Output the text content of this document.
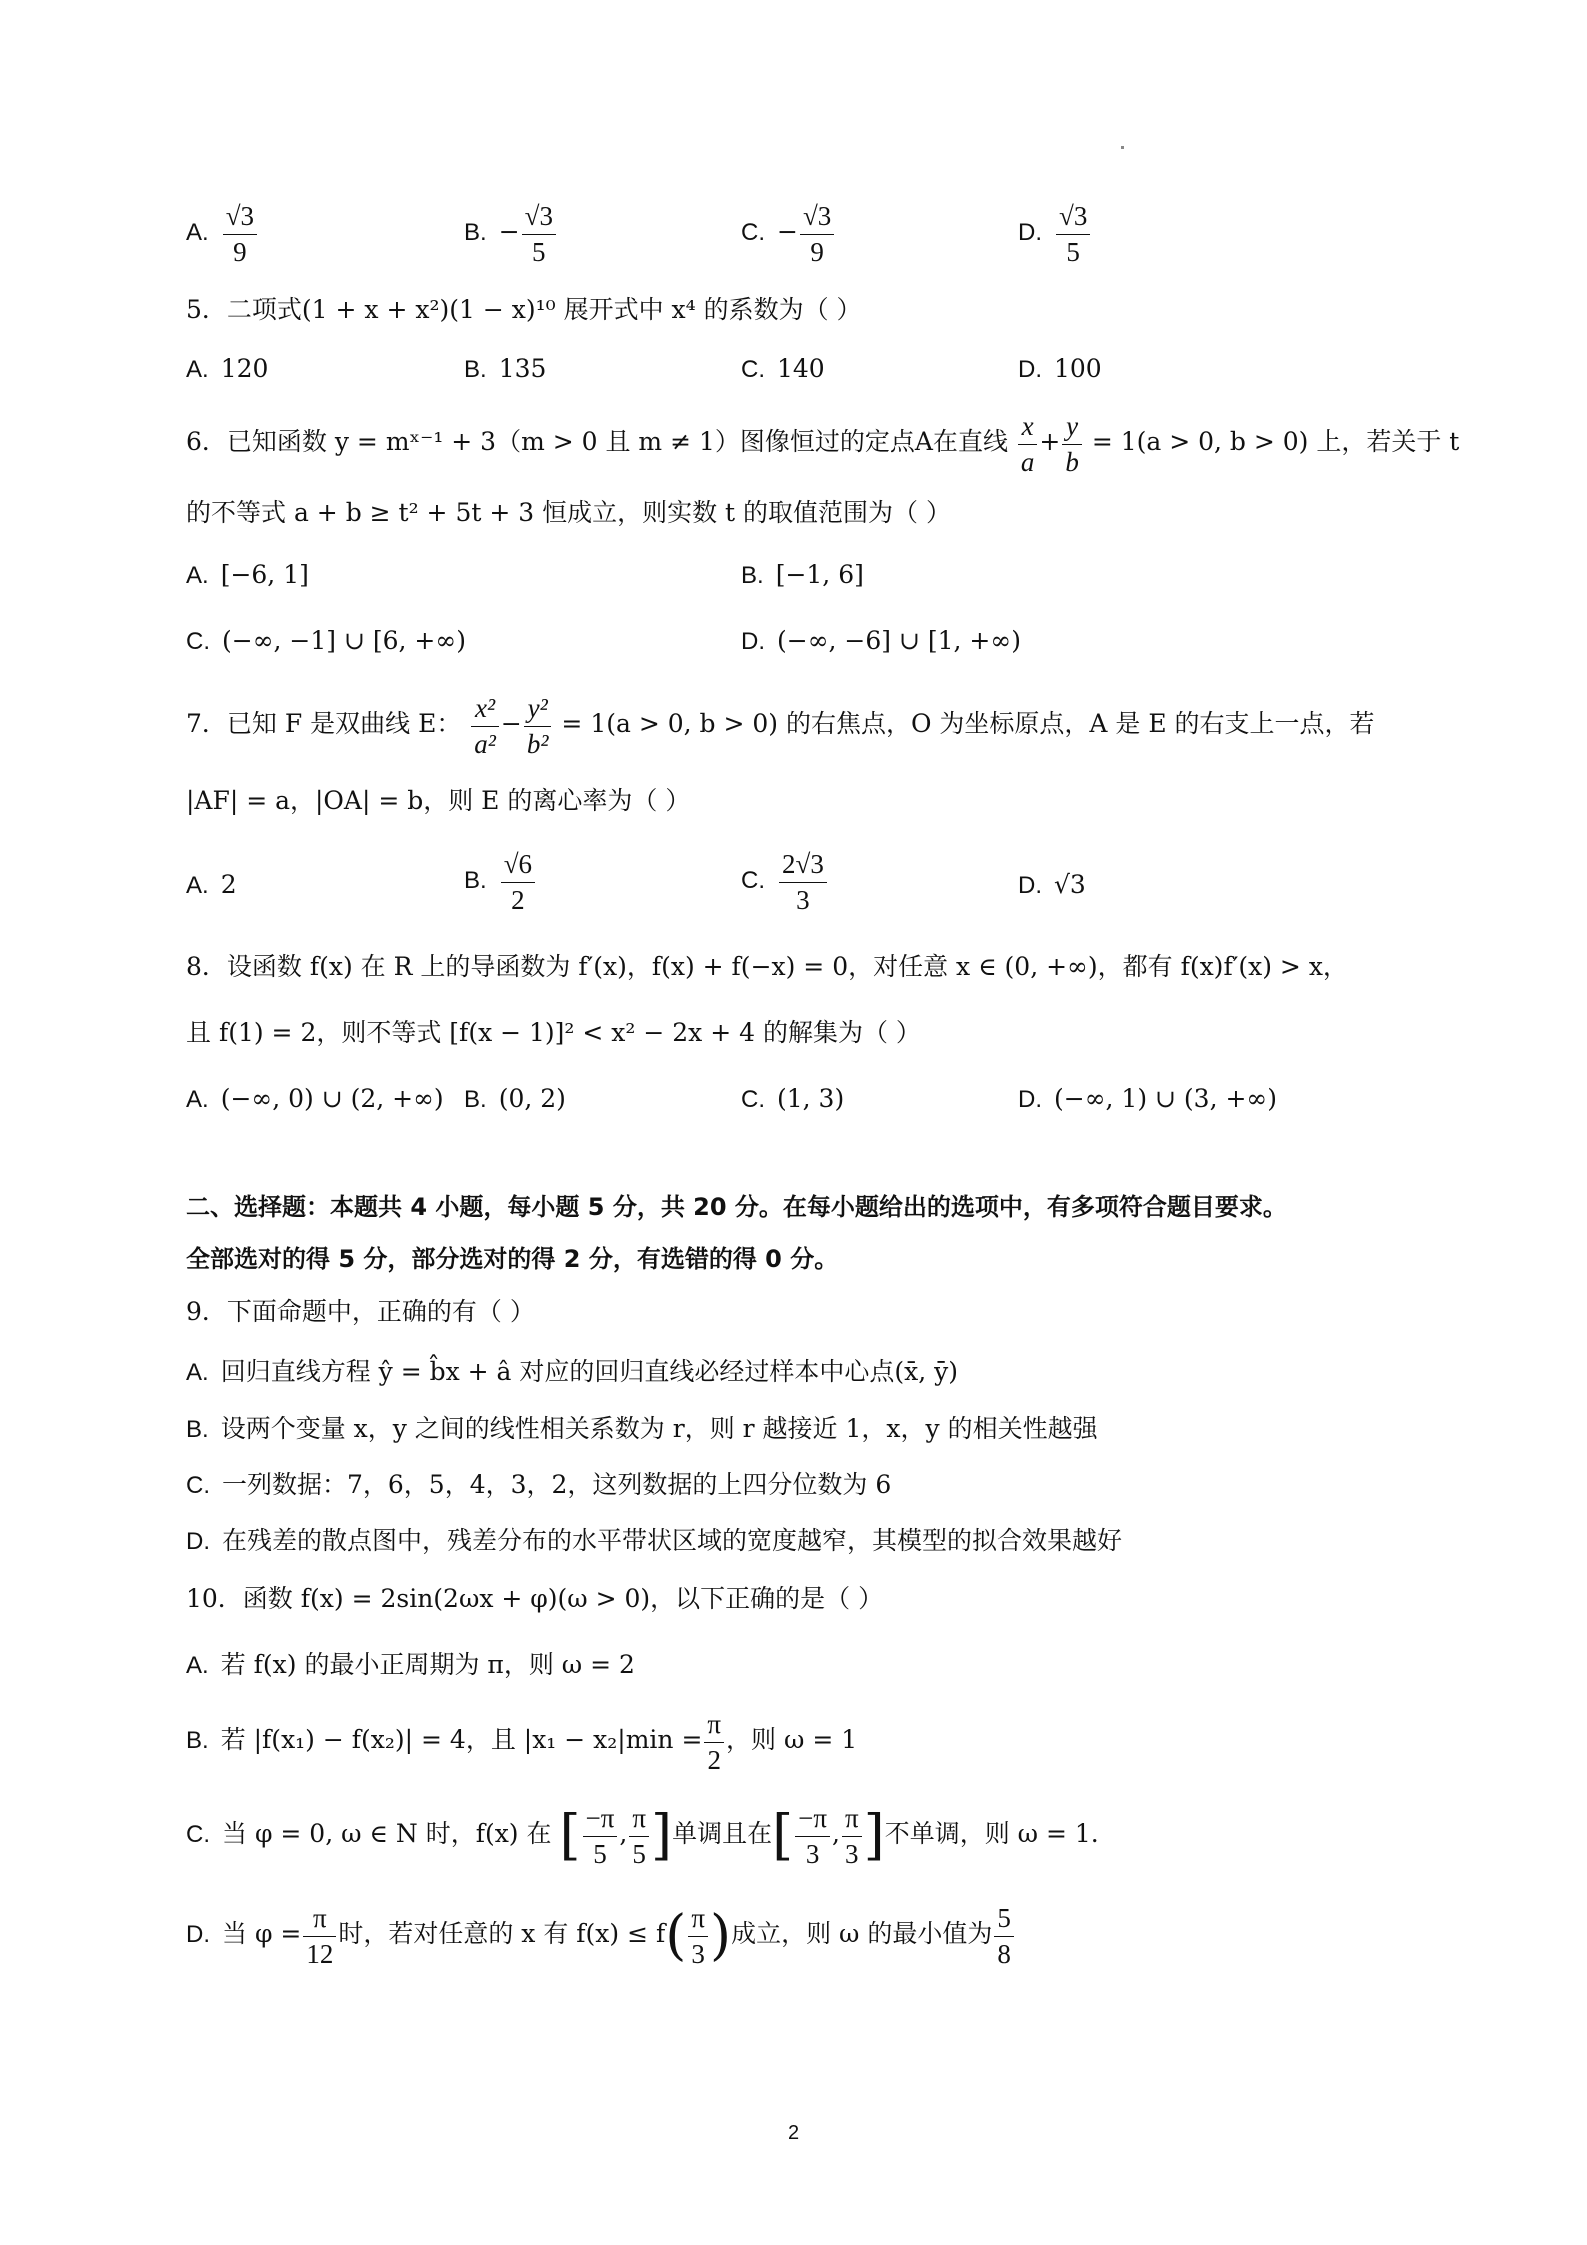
A. $\frac{√3}{9}$	B. − $\frac{√3}{5}$	C. − $\frac{√3}{9}$	D. $\frac{√3}{5}$
5．二项式(1 + x + x²)(1 − x)¹⁰ 展开式中 x⁴ 的系数为（ ）
A. 120	B. 135	C. 140	D. 100
6．已知函数 y = mˣ⁻¹ + 3（m > 0 且 m ≠ 1）图像恒过的定点A在直线 $\frac{x}{a} + \frac{y}{b} = 1(a > 0$, b > 0) 上，若关于 t
的不等式 a + b ≥ t² + 5t + 3 恒成立，则实数 t 的取值范围为（ ）
A. [−6, 1]	B. [−1, 6]
C. (−∞, −1] ∪ [6, +∞)	D. (−∞, −6] ∪ [1, +∞)
7．已知 F 是双曲线 E： $\frac{\text{x²}}{\text{a²}} - \frac{\text{y²}}{\text{b²}} = 1(a > 0$, b > 0) 的右焦点，O 为坐标原点，A 是 E 的右支上一点，若
|AF| = a，|OA| = b，则 E 的离心率为（ ）
A. 2	B. $\frac{√6}{2}$	C. $\frac{2√3}{3}$	D. √3
8．设函数 f(x) 在 R 上的导函数为 f′(x)，f(x) + f(−x) = 0，对任意 x ∈ (0, +∞)，都有 f(x)f′(x) > x，
且 f(1) = 2，则不等式 [f(x − 1)]² < x² − 2x + 4 的解集为（ ）
A. (−∞, 0) ∪ (2, +∞) B. (0, 2)	C. (1, 3)	D. (−∞, 1) ∪ (3, +∞)
二、选择题：本题共 4 小题，每小题 5 分，共 20 分。在每小题给出的选项中，有多项符合题目要求。
全部选对的得 5 分，部分选对的得 2 分，有选错的得 0 分。
9．下面命题中，正确的有（ ）
A. 回归直线方程 ŷ = b̂x + â 对应的回归直线必经过样本中心点(x̄, ȳ)
B. 设两个变量 x，y 之间的线性相关系数为 r，则 r 越接近 1，x，y 的相关性越强
C. 一列数据：7，6，5，4，3，2，这列数据的上四分位数为 6
D. 在残差的散点图中，残差分布的水平带状区域的宽度越窄，其模型的拟合效果越好
10．函数 f(x) = 2sin(2ωx + φ)(ω > 0)，以下正确的是（ ）
A. 若 f(x) 的最小正周期为 π，则 ω = 2
B. 若 |f(x₁) − f(x₂)| = 4，且 $|x_1 - x_2|\min = \frac{\pi}{2}$ ，则 ω = 1
C. 当 φ = 0, ω ∈ N 时，f(x) 在 [ $\frac{-\pi}{5}$ , $\frac{\pi}{5}$ ]单调且在[ $\frac{-\pi}{3}$ , $\frac{\pi}{3}$ ]不单调，则 ω = 1.
D. 当 $\varphi = \frac{\pi}{12}$ 时，若对任意的 x 有 $f(x) \le f( \frac{\pi}{3}$ )成立，则 ω 的最小值为 $\frac{5}{8}$
2
